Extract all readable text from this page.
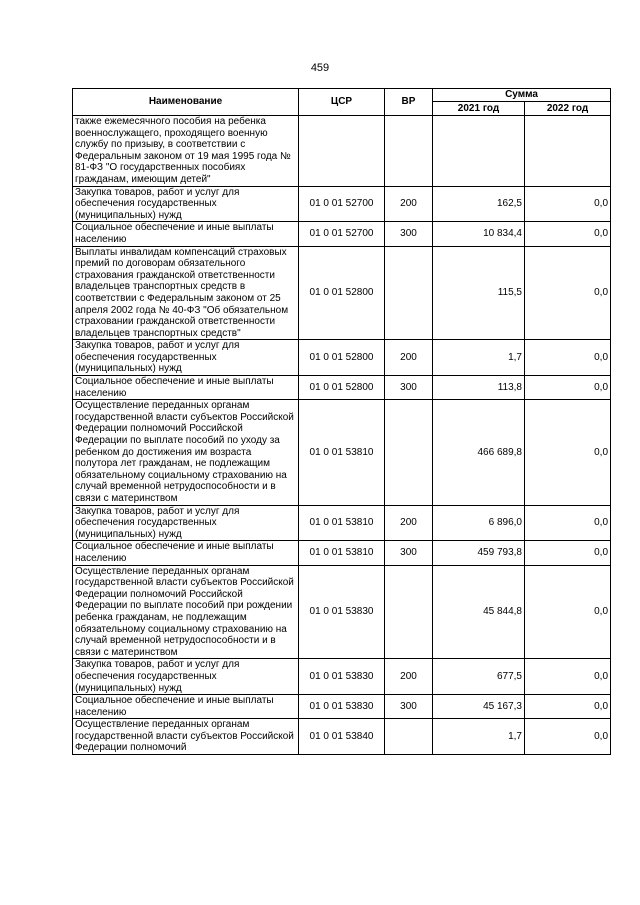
459
Наименование	ЦСР	ВР	Сумма	
			2021 год	2022 год
также ежемесячного пособия на ребенка военнослужащего, проходящего военную службу по призыву, в соответствии с Федеральным законом от 19 мая 1995 года № 81-ФЗ "О государственных пособиях гражданам, имеющим детей"				
Закупка товаров, работ и услуг для обеспечения государственных (муниципальных) нужд	01 0 01 52700	200	162,5	0,0
Социальное обеспечение и иные выплаты населению	01 0 01 52700	300	10 834,4	0,0
Выплаты инвалидам компенсаций страховых премий по договорам обязательного страхования гражданской ответственности владельцев транспортных средств в соответствии с Федеральным законом от 25 апреля 2002 года № 40-ФЗ "Об обязательном страховании гражданской ответственности владельцев транспортных средств"	01 0 01 52800		115,5	0,0
Закупка товаров, работ и услуг для обеспечения государственных (муниципальных) нужд	01 0 01 52800	200	1,7	0,0
Социальное обеспечение и иные выплаты населению	01 0 01 52800	300	113,8	0,0
Осуществление переданных органам государственной власти субъектов Российской Федерации полномочий Российской Федерации по выплате пособий по уходу за ребенком до достижения им возраста полутора лет гражданам, не подлежащим обязательному социальному страхованию на случай временной нетрудоспособности и в связи с материнством	01 0 01 53810		466 689,8	0,0
Закупка товаров, работ и услуг для обеспечения государственных (муниципальных) нужд	01 0 01 53810	200	6 896,0	0,0
Социальное обеспечение и иные выплаты населению	01 0 01 53810	300	459 793,8	0,0
Осуществление переданных органам государственной власти субъектов Российской Федерации полномочий Российской Федерации по выплате пособий при рождении ребенка гражданам, не подлежащим обязательному социальному страхованию на случай временной нетрудоспособности и в связи с материнством	01 0 01 53830		45 844,8	0,0
Закупка товаров, работ и услуг для обеспечения государственных (муниципальных) нужд	01 0 01 53830	200	677,5	0,0
Социальное обеспечение и иные выплаты населению	01 0 01 53830	300	45 167,3	0,0
Осуществление переданных органам государственной власти субъектов Российской Федерации полномочий	01 0 01 53840		1,7	0,0
